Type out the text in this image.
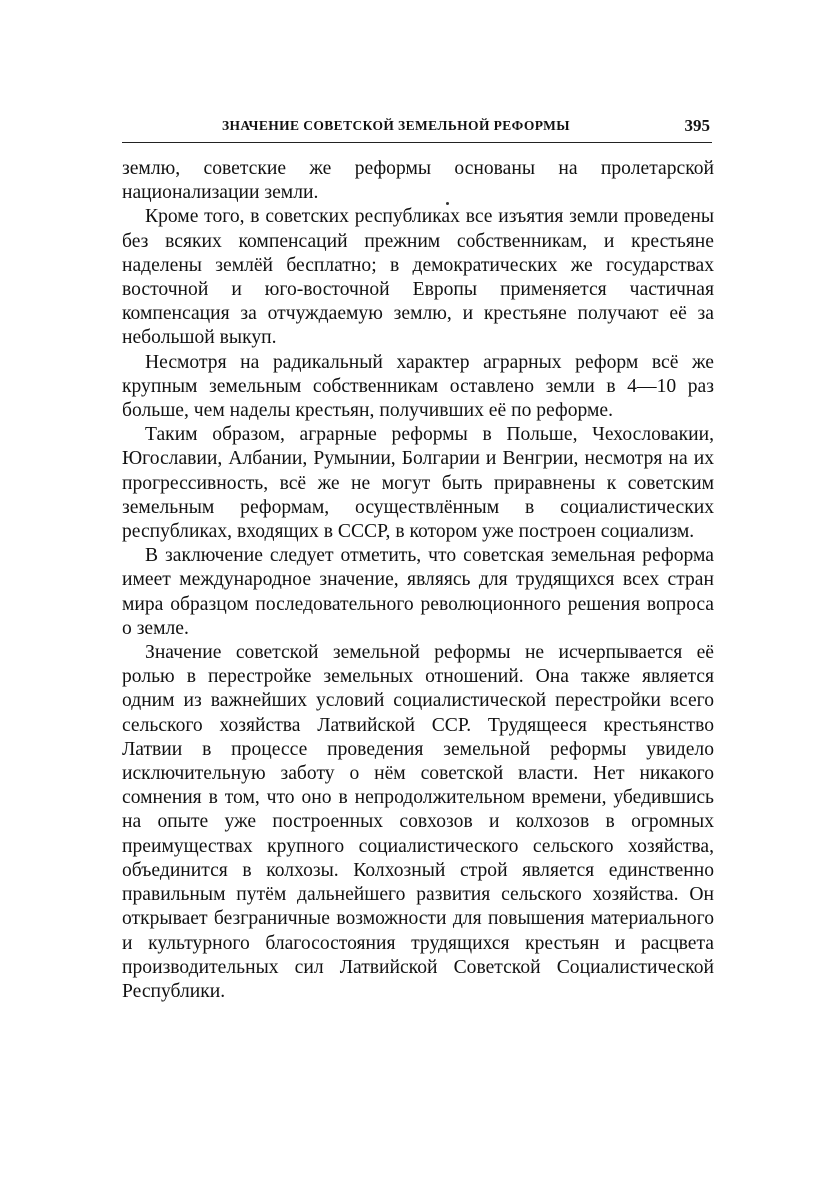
ЗНАЧЕНИЕ СОВЕТСКОЙ ЗЕМЕЛЬНОЙ РЕФОРМЫ	395

землю, советские же реформы основаны на пролетарской национализации земли.

Кроме того, в советских республиках все изъятия земли проведены без всяких компенсаций прежним собственникам, и крестьяне наделены землёй бесплатно; в демократических же государствах восточной и юго-восточной Европы применяется частичная компенсация за отчуждаемую землю, и крестьяне получают её за небольшой выкуп.

Несмотря на радикальный характер аграрных реформ всё же крупным земельным собственникам оставлено земли в 4—10 раз больше, чем наделы крестьян, получивших её по реформе.

Таким образом, аграрные реформы в Польше, Чехословакии, Югославии, Албании, Румынии, Болгарии и Венгрии, несмотря на их прогрессивность, всё же не могут быть приравнены к советским земельным реформам, осуществлённым в социалистических республиках, входящих в СССР, в котором уже построен социализм.

В заключение следует отметить, что советская земельная реформа имеет международное значение, являясь для трудящихся всех стран мира образцом последовательного революционного решения вопроса о земле.

Значение советской земельной реформы не исчерпывается её ролью в перестройке земельных отношений. Она также является одним из важнейших условий социалистической перестройки всего сельского хозяйства Латвийской ССР. Трудящееся крестьянство Латвии в процессе проведения земельной реформы увидело исключительную заботу о нём советской власти. Нет никакого сомнения в том, что оно в непродолжительном времени, убедившись на опыте уже построенных совхозов и колхозов в огромных преимуществах крупного социалистического сельского хозяйства, объединится в колхозы. Колхозный строй является единственно правильным путём дальнейшего развития сельского хозяйства. Он открывает безграничные возможности для повышения материального и культурного благосостояния трудящихся крестьян и расцвета производительных сил Латвийской Советской Социалистической Республики.
